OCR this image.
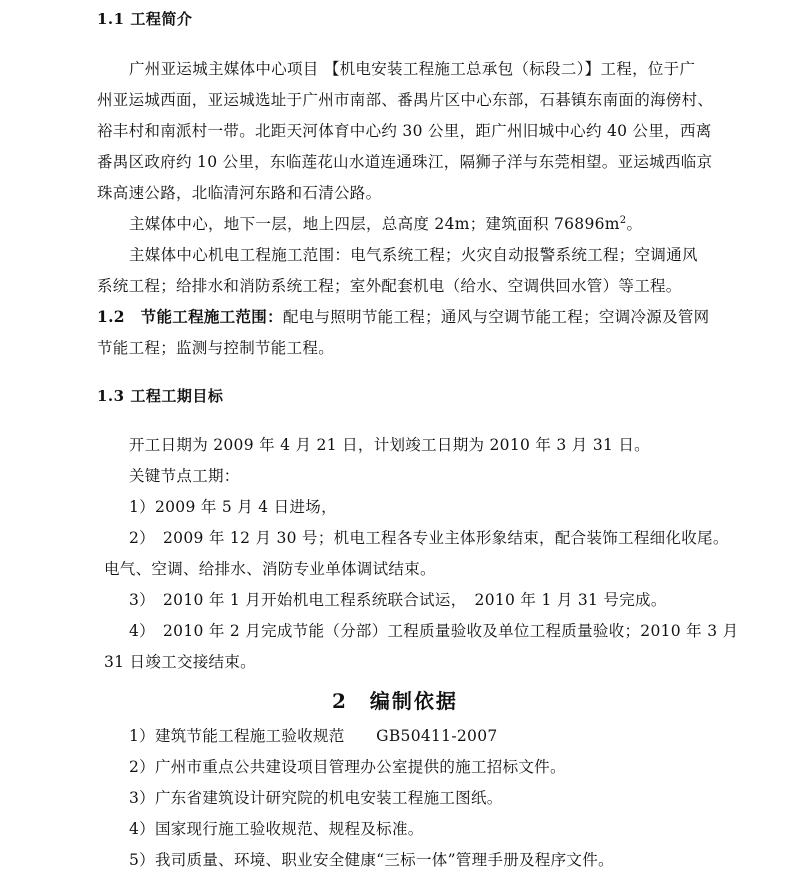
1.1 工程简介
广州亚运城主媒体中心项目 【机电安装工程施工总承包（标段二）】工程，位于广
州亚运城西面，亚运城选址于广州市南部、番禺片区中心东部，石碁镇东南面的海傍村、
裕丰村和南派村一带。北距天河体育中心约 30 公里，距广州旧城中心约 40 公里，西离
番禺区政府约 10 公里，东临莲花山水道连通珠江，隔狮子洋与东莞相望。亚运城西临京
珠高速公路，北临清河东路和石清公路。
主媒体中心，地下一层，地上四层，总高度 24m；建筑面积 $76896m^2$。
主媒体中心机电工程施工范围：电气系统工程；火灾自动报警系统工程；空调通风
系统工程；给排水和消防系统工程；室外配套机电（给水、空调供回水管）等工程。
1.2　节能工程施工范围：配电与照明节能工程；通风与空调节能工程；空调冷源及管网
节能工程；监测与控制节能工程。
1.3 工程工期目标
开工日期为 2009 年 4 月 21 日，计划竣工日期为 2010 年 3 月 31 日。
关键节点工期：
1）2009 年 5 月 4 日进场，
2）　2009 年 12 月 30 号；机电工程各专业主体形象结束，配合装饰工程细化收尾。
电气、空调、给排水、消防专业单体调试结束。
3）　2010 年 1 月开始机电工程系统联合试运，　2010 年 1 月 31 号完成。
4）　2010 年 2 月完成节能（分部）工程质量验收及单位工程质量验收；2010 年 3 月
31 日竣工交接结束。
2　编制依据
1）建筑节能工程施工验收规范　　GB50411-2007
2）广州市重点公共建设项目管理办公室提供的施工招标文件。
3）广东省建筑设计研究院的机电安装工程施工图纸。
4）国家现行施工验收规范、规程及标准。
5）我司质量、环境、职业安全健康“三标一体”管理手册及程序文件。
